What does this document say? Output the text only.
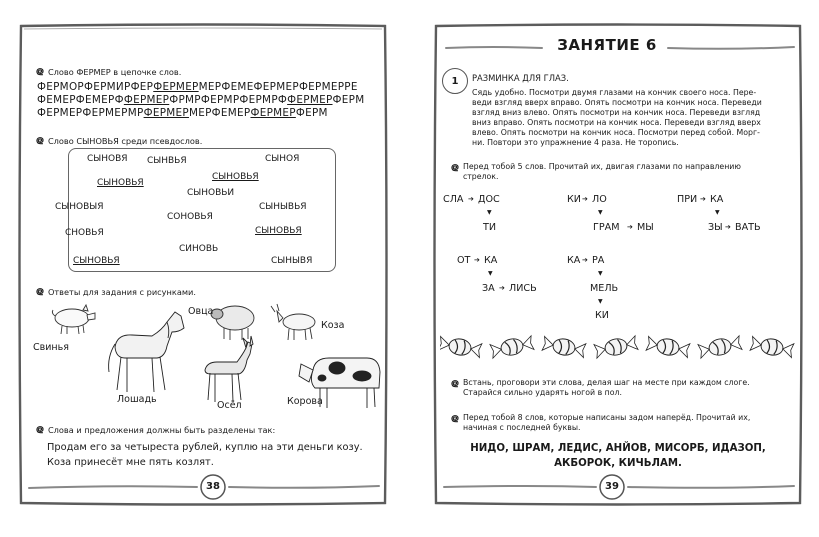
᪤ Слово ФЕРМЕР в цепочке слов.
ФЕРМОРФЕРМИРФЕРФЕРМЕРМЕРФЕМЕФЕРМЕРФЕРМЕРРЕ
ФЕМЕРФЕМЕРФФЕРМЕРФРМРФЕРМРФЕРМРФФЕРМЕРФЕРМ
ФЕРМЕРФЕРМЕРМРФЕРМЕРМЕРФЕМЕРФЕРМЕРФЕРМ
᪤ Слово СЫНОВЬЯ среди псевдослов.
᪤ Ответы для задания с рисунками.
Свинья
Овца
Коза
Лошадь
Осёл	Корова
᪤ Слова и предложения должны быть разделены так:
Продам его за четыреста рублей, куплю на эти деньги козу.
Коза принесёт мне пять козлят.
38
СЫНОВЯ СЫНВЬЯ	СЫНОЯ
СЫНОВЬЯ
СЫНОВЬЯ
СЫНОВЬИ
СЫНОВЫЯ
СОНОВЬЯ
СЫНЫВЬЯ
СНОВЬЯ	СЫНОВЬЯ
СИНОВЬ
СЫНОВЬЯ	СЫНЫВЯ
ЗАНЯТИЕ 6
1	РАЗМИНКА ДЛЯ ГЛАЗ.
Сядь удобно. Посмотри двумя глазами на кончик своего носа. Пере-
веди взгляд вверх вправо. Опять посмотри на кончик носа. Переведи
взгляд вниз влево. Опять посмотри на кончик носа. Переведи взгляд
вниз вправо. Опять посмотри на кончик носа. Переведи взгляд вверх
влево. Опять посмотри на кончик носа. Посмотри перед собой. Морг-
ни. Повтори это упражнение 4 раза. Не торопись.
᪤ Перед тобой 5 слов. Прочитай их, двигая глазами по направлению
стрелок.
᪤ Встань, проговори эти слова, делая шаг на месте при каждом слоге.
Старайся сильно ударять ногой в пол.
᪤ Перед тобой 8 слов, которые написаны задом наперёд. Прочитай их,
начиная с последней буквы.
НИДО, ШРАМ, ЛЕДИС, АНЙОВ, МИСОРБ, ИДАЗОП,
АКБОРОК, КИЧЬЛАМ.
39
СЛА ➔ ДОС
▼
ТИ
КИ ➔ ЛО
▼
ГРАМ ➔ МЫ
ПРИ ➔ КА
▼
ЗЫ ➔ ВАТЬ
ОТ ➔ КА
▼
ЗА ➔ ЛИСЬ
КА ➔ РА
▼
МЕЛЬ
▼
КИ
